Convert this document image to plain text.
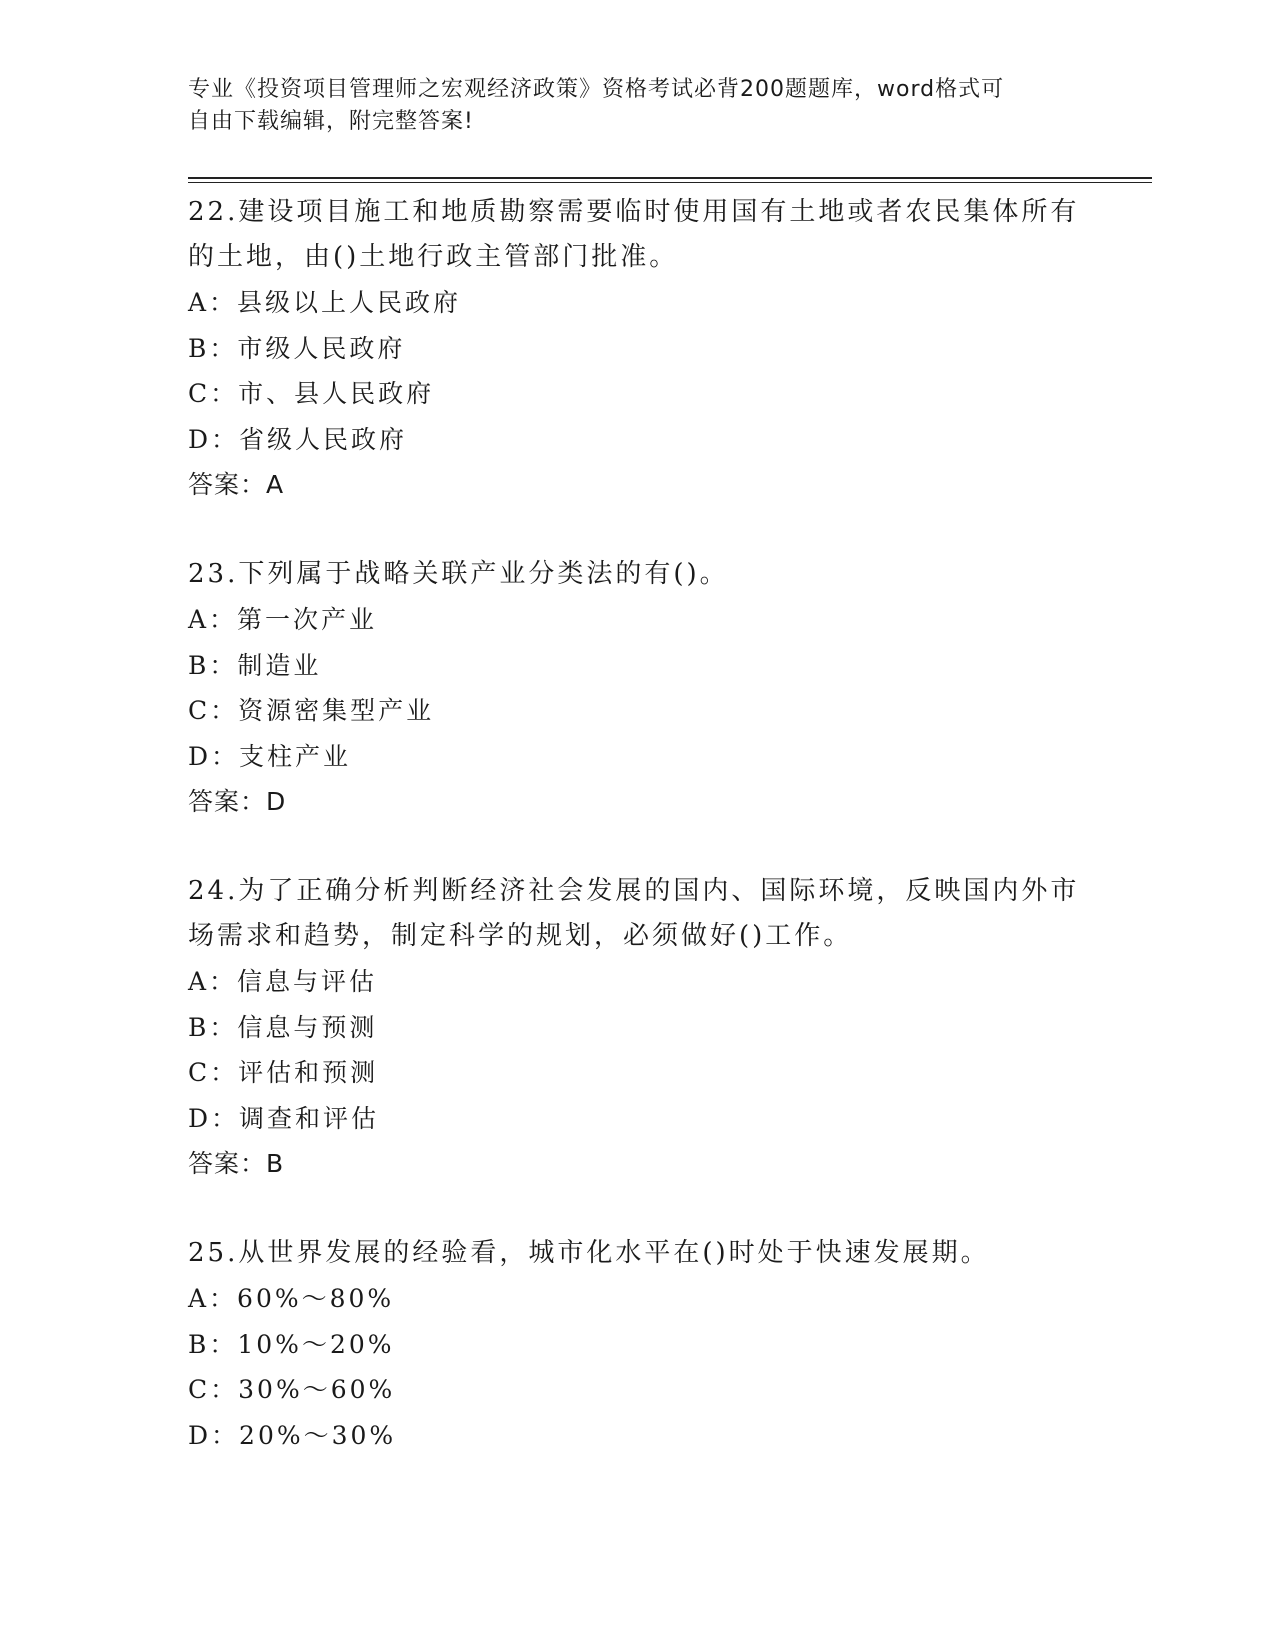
专业《投资项目管理师之宏观经济政策》资格考试必背200题题库，word格式可
自由下载编辑，附完整答案!
22.建设项目施工和地质勘察需要临时使用国有土地或者农民集体所有
的土地，由()土地行政主管部门批准。
A：县级以上人民政府
B：市级人民政府
C：市、县人民政府
D：省级人民政府
答案：A
23.下列属于战略关联产业分类法的有()。
A：第一次产业
B：制造业
C：资源密集型产业
D：支柱产业
答案：D
24.为了正确分析判断经济社会发展的国内、国际环境，反映国内外市
场需求和趋势，制定科学的规划，必须做好()工作。
A：信息与评估
B：信息与预测
C：评估和预测
D：调查和评估
答案：B
25.从世界发展的经验看，城市化水平在()时处于快速发展期。
A：60%～80%
B：10%～20%
C：30%～60%
D：20%～30%
